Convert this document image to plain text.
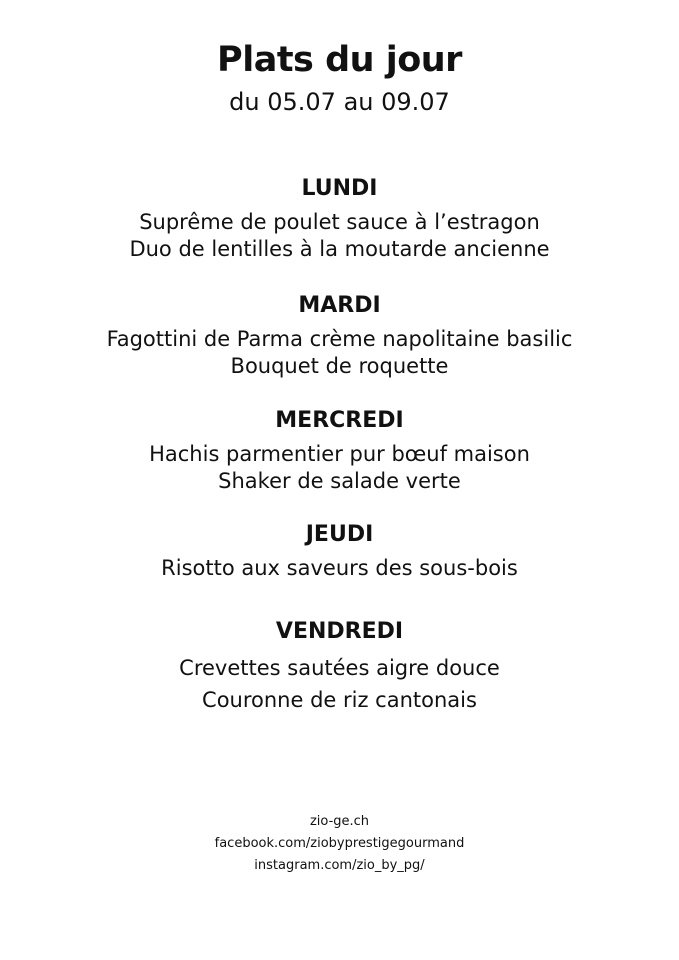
Plats du jour
du 05.07 au 09.07
LUNDI
Suprême de poulet sauce à l’estragon
Duo de lentilles à la moutarde ancienne
MARDI
Fagottini de Parma crème napolitaine basilic
Bouquet de roquette
MERCREDI
Hachis parmentier pur bœuf maison
Shaker de salade verte
JEUDI
Risotto aux saveurs des sous-bois
VENDREDI
Crevettes sautées aigre douce
Couronne de riz cantonais
zio-ge.ch
facebook.com/ziobyprestigegourmand
instagram.com/zio_by_pg/
